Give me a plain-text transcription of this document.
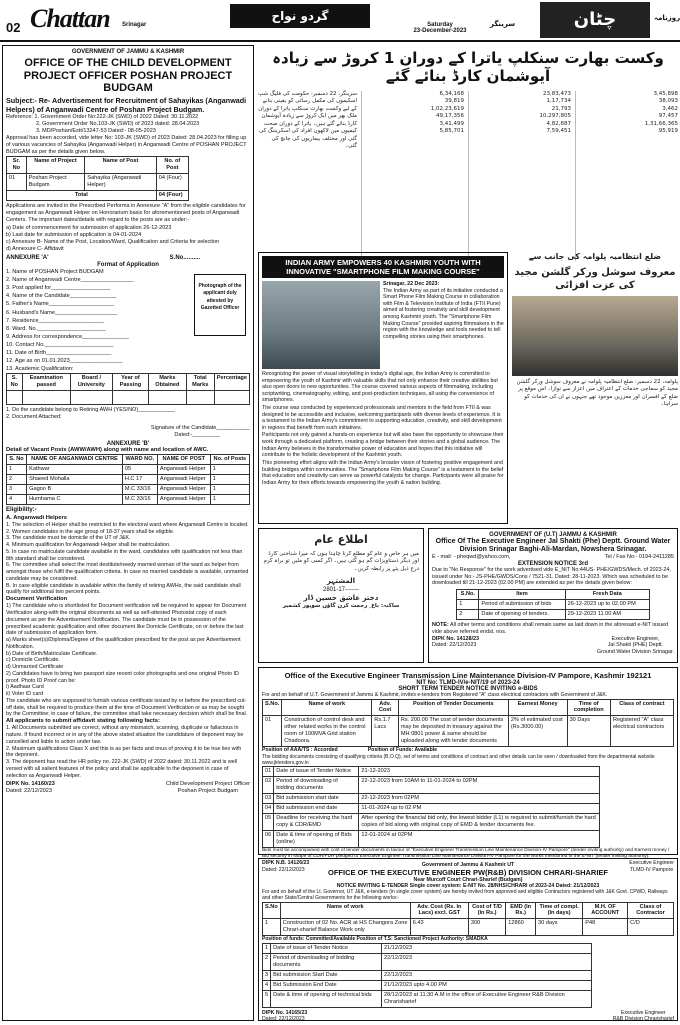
02 Chattan Srinagar
گردو نواح
Saturday
23-December-2023
سرینگر	چٹان	روزنامہ
GOVERNMENT OF JAMMU & KASHMIR
OFFICE OF THE CHILD DEVELOPMENT PROJECT OFFICER POSHAN PROJECT BUDGAM
Subject:- Re- Advertisement for Recruitment of Sahayikas (Anganwadi Helpers) of Anganwadi Centre of Poshan Project Budgam.
Reference: 1. Government Order No:222-JK (SWD) of 2022 Dated: 30.11.2022
2. Government Order No.103-JK (SWD) of 2023 dated: 28.04.2023
3. MD/Poshan/Estt/13247-53 Dated:- 08-05-2023

Approval has been accorded, vide letter No: 103-JK (SWD) of 2023 Dated: 28.04.2023 for filling up of various vacancies of Sahayika (Anganwadi Helper) in Anganwadi Centre of POSHAN PROJECT BUDGAM as per the details given below.

Sr. No	Name of Project	Name of Post	No. of Post
01	Poshan Project Budgam	Sahayika (Anganwadi Helper)	04 (Four)
Total			04 (Four)

Applications are invited in the Prescribed Performa in Annexure "A" from the eligible candidates for engagement as Anganwadi Helper on Honorarium basis for aforementioned posts of Anganwadi Centers. The important dates/details with regard to the posts are as under:-

a) Date of commencement for submission of application 26-12-2023
b) Last date for submission of application is 04-01-2024
c) Annexure B- Name of the Post, Location/Ward, Qualification and Criteria for selection
d) Annexure C- Affidavit
ANNEXURE 'A'	S.No..........
Format of Application
1. Name of POSHAN Project BUDGAM
2. Name of Anganwadi Centre_________________
3. Post applied for___________________
4. Name of the Candidate_______________
5. Father's Name_____________________
6. Husband's Name____________________
7. Residence_____________________
8. Ward. No.______________________
9. Address for correspondence_______________
10. Contact No.______________________
11. Date of Birth_____________________
12. Age as on 01.01.2023_________________
13. Academic Qualification:
Photograph of the applicant duly attested by Gazetted Officer
S. No	Examination passed	Board / University	Year of Passing	Marks Obtained	Total Marks	Percentage

1. Do the candidate belong to Retiring AWH (YES/NO)____________
2. Document Attached:
Signature of the Candidate___________
Dated:-_________
ANNEXURE 'B'
Detail of Vacant Posts (AWW/AWH) along with name and location of AWC.
S. No	NAME OF ANGANWADI CENTRE	WARD NO.	NAME OF POST	No. of Posts
1	Kathwar	05	Anganwadi Helper	1
2	Shaeed Mohalla	H.C 17	Anganwadi Helper	1
3	Gagoo B	M.C 33/16	Anganwadi Helper	1
4	Humhama C	M.C 33/16	Anganwadi Helper	1
Eligibility:-
A. Anganwadi Helpers
1. The selection of Helper shall be restricted to the electoral ward where Anganwadi Centre is located.
2. Women candidates in the age group of 18-37 years shall be eligible.
3. The candidate must be domicile of the UT of J&K.
4. Minimum qualification for Anganwadi Helper shall be matriculation.
5. In case no matriculate candidate available in the ward, candidates with qualification not less than 8th standard shall be considered.
6. The committee shall select the most destitute/needy married woman of the ward as helper from amongst those who fulfil the qualification criteria. In case no married candidate is available, unmarried candidate may be considered.
B. In case eligible candidate is available within the family of retiring AWHs, the said candidate shall qualify for additional two percent points.
Document Verification
1) The candidate who is shortlisted for Document verification will be required to appear for Document Verification along-with the original documents as well as self-attested Photostat copy of each document as per the Advertisement Notification. The candidate must be in possession of the prescribed academic qualification and other document like Domicile Certificate, on or before the last date of submission of application form.
a) Marks sheet(s)/Diploma/Degree of the qualification prescribed for the post as per Advertisement Notification.
b) Date of Birth/Matriculate Certificate.
c) Domicile Certificate.
d) Unmarried Certificate
2) Candidates have to bring two passport size recent color photographs and one original Photo ID proof. Photo ID Proof can be:
i) Aadhaar Card
ii) Voter ID card
The candidate who are supposed to furnish various certificate issued by or before the prescribed cut-off date, shall be required to produce them at the time of Document Verification or as may be sought by the Committee; in case of failure, the committee shall take necessary decision which shall be final.
All applicants to submit affidavit stating following facts:
1. All Documents submitted are correct, without any mismatch, scanning, duplicate or fallacious in nature. If found incorrect or in any of the above stated situation the candidature of deponent may be cancelled and liable to action under law.
2. Maximum qualifications Class X and this is as per facts and onus of proving it to be true lies with the deponent.
3. The deponent has read the HR policy no. 222-JK (SWD) of 2022 dated: 30.11.2022 and is well versed with all salient features of the policy and shall be applicable to the deponent in case of selection as Anganwadi Helper.
DIPK No. 14160/23
Dated: 22/12/2023
Child Development Project Officer
Poshan Project Budgam
وکست بھارت سنکلپ یاترا کے دوران 1 کروڑ سے زیادہ آیوشمان کارڈ بنائے گئے
سرینگر، 22 دسمبر: حکومت کی فلیگ شپ اسکیموں کی مکمل رسائی کو یقینی بنانے کے لیے وکست بھارت سنکلپ یاترا کے دوران ملک بھر میں ایک کروڑ سے زیادہ آیوشمان کارڈ بنائے گئے ہیں۔ یاترا کے دوران صحت کیمپوں میں لاکھوں افراد کی اسکریننگ کی گئی اور مختلف بیماریوں کی جانچ کی گئی۔
6,34,168
39,819
1,02,23,619
49,17,356
3,41,499
5,85,701
23,83,473
1,17,734
21,793
10,297,805
4,82,687
7,59,451
3,45,898
38,093
3,462
97,457
1,31,66,365
95,919
INDIAN ARMY EMPOWERS 40 KASHMIRI YOUTH WITH INNOVATIVE "SMARTPHONE FILM MAKING COURSE"
Srinagar, 22 Dec 2023:
The Indian Army as part of its initiative conducted a Smart Phone Film Making Course in collaboration with Film & Television Institute of India (FTII Pune) aimed at fostering creativity and skill development among Kashmiri youth. The "Smartphone Film Making Course" provided aspiring filmmakers in the region with the knowledge and tools needed to tell compelling stories using their smartphones.

Recognizing the power of visual storytelling in today's digital age, the Indian Army is committed to empowering the youth of Kashmir with valuable skills that not only enhance their creative abilities but also open doors to new opportunities. The course covered various aspects of filmmaking, including scriptwriting, cinematography, editing, and post-production techniques, all using the convenience of smartphones.

The course was conducted by experienced professionals and mentors in the field from FTII & was designed to be accessible and inclusive, welcoming participants with diverse levels of experience. It is a testament to the Indian Army's commitment to supporting education, creativity, and skill development in regions that benefit from such initiatives.

Participants not only gained a hands-on experience but will also have the opportunity to showcase their work through a dedicated platform, creating a bridge between their stories and a global audience. The Indian Army believes in the transformative power of education and hopes that this initiative will contribute to the holistic development of the Kashmiri youth.

This pioneering effort aligns with the Indian Army's broader vision of fostering positive engagement and building bridges within communities. The "Smartphone Film Making Course" is a testament to the belief that education and creativity can serve as powerful catalysts for change. Participants were all praise for Indian Army for their efforts towards empowering the youth & nation building.

ضلع انتظامیہ پلوامہ کی جانب سے
معروف سوشل ورکر گلشن مجید کی عزت افزائی
پلوامہ، 22 دسمبر: ضلع انتظامیہ پلوامہ نے معروف سوشل ورکر گلشن مجید کو سماجی خدمات کے اعتراف میں اعزاز سے نوازا۔ اس موقع پر ضلع کے افسران اور معززین موجود تھے جنہوں نے ان کی خدمات کو سراہا۔
اطلاع عام
میں ہر خاص و عام کو مطلع کرنا چاہتا ہوں کہ میرا شناختی کارڈ اور دیگر دستاویزات گم ہو گئی ہیں۔ اگر کسی کو ملیں تو براہ کرم درج ذیل پتے پر رابطہ کریں۔
المشتہر
2801-17-------
دختر عاشق حسین ڈار
ساکنہ: باغ ِ رحمت کرن گاؤں سوپور کشمیر
GOVERNMENT OF (U.T) JAMMU & KASHMIR
Office Of The Executive Engineer Jal Shakti (Phe) Deptt. Ground Water Division Srinagar Baghi-Ali-Mardan, Nowshera Srinagar.
E - mail: - pheqwd@yahoo.com,	Tel / Fax No:- 0194-2411285
EXTENSION NOTICE 3rd
Due to "No Response" for the work advertised vide E_NIT No:44US- PHE/GWDS/Mech. of 2023-24, issued under No:- JS-PHE/GWDS/Cons / 7521-31. Dated: 28-11-2023. Which was scheduled to be downloaded till 21-12-2023 (02.00 PM) are extended as per the details given below:
S.No.	Item	Fresh Data
1	Period of submission of bids	26-12-2023 up to 02.00 PM
2	Date of opening of tenders.	29-12-2023 11.00 AM
NOTE: All other terms and conditions shall remain same as laid down in the aforesaid e-NIT issued vide above referred endst. nos.
DIPK No. 14128/23
Dated: 22/12/2023
Executive Engineer,
Jal Shakti (PHE) Deptt.
Ground Water Division Srinagar.
Office of the Executive Engineer Transmission Line Maintenance Division-IV Pampore, Kashmir 192121
NIT No: TLMD-IV/e-NIT/19 of 2023-24
SHORT TERM TENDER NOTICE INVITING e-BIDS
For and on behalf of U.T. Government of Jammu & Kashmir, invites e-tenders from Registered "A" class electrical contractors with Government of J&K.
S.No.	Name of work	Adv. Cost	Position of Tender Documents	Earnest Money	Time of completion	Class of contract
01	Construction of control desk and other related works in the control room of 100MVA Grid station Chadoora.	Rs.1.7 Lacs	Rs. 200.00 The cost of tender documents may be deposited in treasury against the MH 0801 power & same should be uploaded along with tender documents	2% of estimated cost (Rs.3000.00)	30 Days	Registered "A" class electrical contractors
Position of AAA/TS : Accorded	Position of Funds: Available
The bidding documents consisting of qualifying criteria (B.O.Q), set of terms and conditions of contract and other details can be seen / downloaded from the departmental website www.jktenders.gov.in
01	Date of issue of Tender Notice	21-12-2023
02	Period of downloading of bidding documents	22-12-2023 from 10AM to 11-01-2024 to 02PM
03	Bid submission start date	22-12-2023 from 02PM
04	Bid submission end date	11-01-2024 up to 02 PM
05	Deadline for receiving the hard copy & CDR/EMD	After opening the financial bid only, the lowest bidder (L1) is required to submit/furnish the hard copies of bid along with original copy of EMD & tender documents fee.
06	Date & time of opening of Bids (online)	12-01-2024 at 02PM
Bids must be accompanied with cost of tender documents in favour of "Executive Engineer Transmission Line Maintenance Division-IV Pampore" (tender inviting authority) and Earnest money / Bid security in shape of CDR/FDR pledged to Executive Engineer Transmission Line Maintenance Division-IV Pampore for the works mentioned in the E-NIT (tender inviting authority).
DIPK N.B. 14126/23
Dated: 22/12/2023
Executive Engineer
TLMD-IV Pampore
Government of Jammu & Kashmir UT
OFFICE OF THE EXECUTIVE ENGINEER PW(R&B) DIVISION CHRARI-SHARIEF
Near Murcoff Court Chrari-Sharief (Budgam)
NOTICE INVITING E-TENDER Single cover system: E-NIT No. 28/NHS/CHRARI of 2023-24 Dated: 21/12/2023
For and on behalf of the Lt. Governor, UT J&K, e-tenders (in single cover system) are hereby invited from approved and eligible Contractors registered with J&K Govt. CPWD, Railways and other State/Central Governments for the following works:-
S.No	Name of work	Adv. Cost (Rs. In Lacs) excl. GST	Cost of T/D (In Rs.)	EMD (In Rs.)	Time of compl. (In days)	M.H. OF ACCOUNT	Class of Contractor
1	Construction of 02 No. ACR at HS Changora Zone Chrari-sharief Balance Work only	6.43	300	12860	30 days	P48	C/D
Position of funds: Committed/Available Position of T.S: Sanctioned Project Authority: SMADKA
1	Date of issue of Tender Notice	21/12/2023
2	Period of downloading of bidding documents	22/12/2023
3	Bid submission Start Date	22/12/2023
4	Bid Submission End Date	21/12/2023 upto 4.00 PM
5	Date & time of opening of technical bids	28/12/2023 at 11:30 A.M in the office of Executive Engineer R&B Division Chrarisharief
DIPK No. 14165/23
Dated: 22/12/2023
Executive Engineer
R&B Division Chrarisharief
